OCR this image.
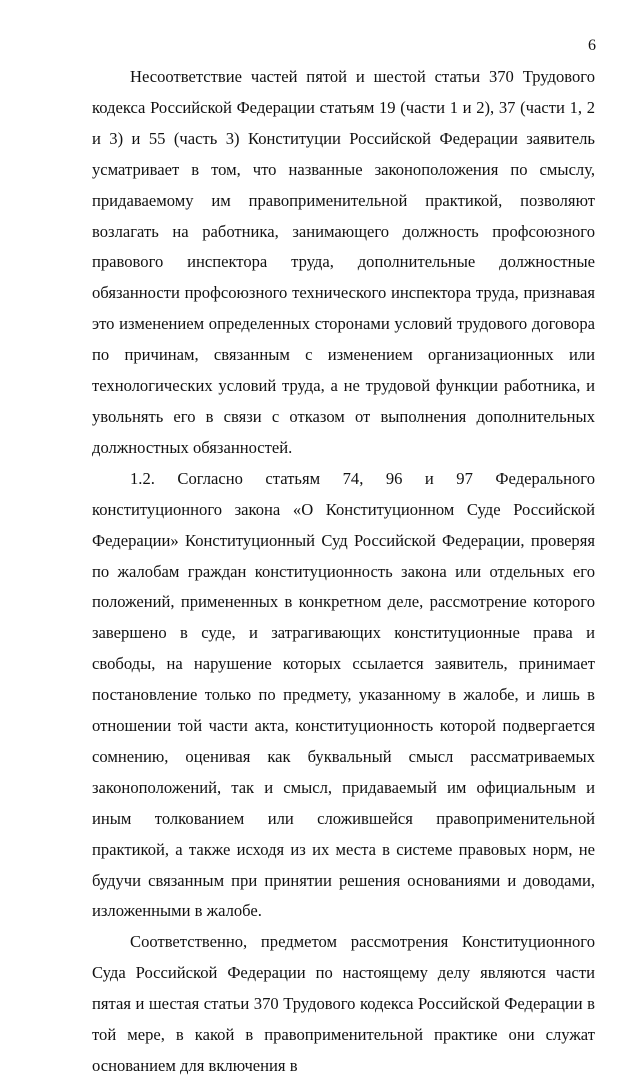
6

Несоответствие частей пятой и шестой статьи 370 Трудового кодекса Российской Федерации статьям 19 (части 1 и 2), 37 (части 1, 2 и 3) и 55 (часть 3) Конституции Российской Федерации заявитель усматривает в том, что названные законоположения по смыслу, придаваемому им правоприменительной практикой, позволяют возлагать на работника, занимающего должность профсоюзного правового инспектора труда, дополнительные должностные обязанности профсоюзного технического инспектора труда, признавая это изменением определенных сторонами условий трудового договора по причинам, связанным с изменением организационных или технологических условий труда, а не трудовой функции работника, и увольнять его в связи с отказом от выполнения дополнительных должностных обязанностей.

1.2. Согласно статьям 74, 96 и 97 Федерального конституционного закона «О Конституционном Суде Российской Федерации» Конституционный Суд Российской Федерации, проверяя по жалобам граждан конституционность закона или отдельных его положений, примененных в конкретном деле, рассмотрение которого завершено в суде, и затрагивающих конституционные права и свободы, на нарушение которых ссылается заявитель, принимает постановление только по предмету, указанному в жалобе, и лишь в отношении той части акта, конституционность которой подвергается сомнению, оценивая как буквальный смысл рассматриваемых законоположений, так и смысл, придаваемый им официальным и иным толкованием или сложившейся правоприменительной практикой, а также исходя из их места в системе правовых норм, не будучи связанным при принятии решения основаниями и доводами, изложенными в жалобе.

Соответственно, предметом рассмотрения Конституционного Суда Российской Федерации по настоящему делу являются части пятая и шестая статьи 370 Трудового кодекса Российской Федерации в той мере, в какой в правоприменительной практике они служат основанием для включения в
